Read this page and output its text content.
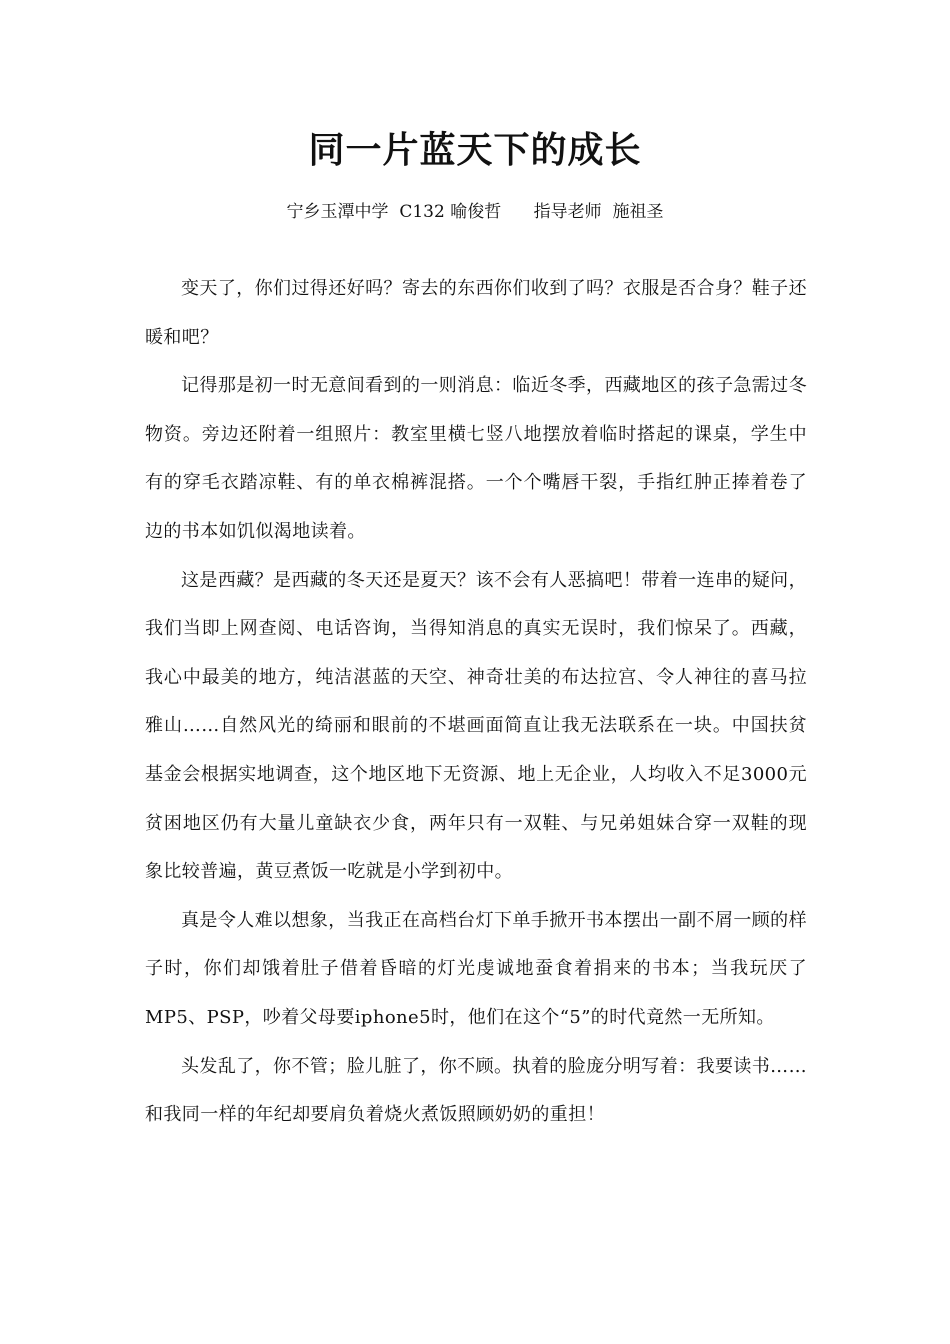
同一片蓝天下的成长
宁乡玉潭中学  C132 喻俊哲      指导老师  施祖圣

变天了，你们过得还好吗？寄去的东西你们收到了吗？衣服是否合身？鞋子还暖和吧？

记得那是初一时无意间看到的一则消息：临近冬季，西藏地区的孩子急需过冬物资。旁边还附着一组照片：教室里横七竖八地摆放着临时搭起的课桌，学生中有的穿毛衣踏凉鞋、有的单衣棉裤混搭。一个个嘴唇干裂，手指红肿正捧着卷了边的书本如饥似渴地读着。

这是西藏？是西藏的冬天还是夏天？该不会有人恶搞吧！带着一连串的疑问，我们当即上网查阅、电话咨询，当得知消息的真实无误时，我们惊呆了。西藏，我心中最美的地方，纯洁湛蓝的天空、神奇壮美的布达拉宫、令人神往的喜马拉雅山……自然风光的绮丽和眼前的不堪画面简直让我无法联系在一块。中国扶贫基金会根据实地调查，这个地区地下无资源、地上无企业，人均收入不足3000元贫困地区仍有大量儿童缺衣少食，两年只有一双鞋、与兄弟姐妹合穿一双鞋的现象比较普遍，黄豆煮饭一吃就是小学到初中。

真是令人难以想象，当我正在高档台灯下单手掀开书本摆出一副不屑一顾的样子时，你们却饿着肚子借着昏暗的灯光虔诚地蚕食着捐来的书本；当我玩厌了MP5、PSP，吵着父母要iphone5时，他们在这个“5”的时代竟然一无所知。

头发乱了，你不管；脸儿脏了，你不顾。执着的脸庞分明写着：我要读书……和我同一样的年纪却要肩负着烧火煮饭照顾奶奶的重担！
